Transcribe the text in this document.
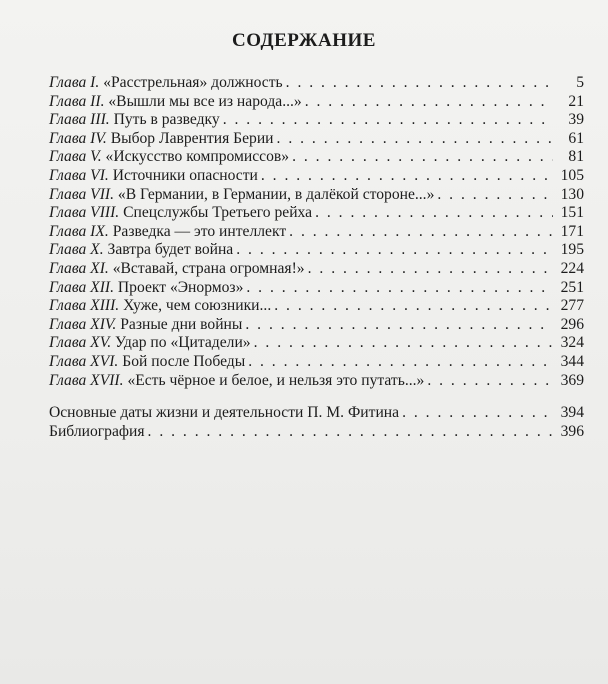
СОДЕРЖАНИЕ
Глава I. «Расстрельная» должность . . .	5
Глава II. «Вышли мы все из народа...» . . .	21
Глава III. Путь в разведку . . .	39
Глава IV. Выбор Лаврентия Берии . . .	61
Глава V. «Искусство компромиссов» . . .	81
Глава VI. Источники опасности . . .	105
Глава VII. «В Германии, в Германии, в далёкой стороне...» . . .	130
Глава VIII. Спецслужбы Третьего рейха . . .	151
Глава IX. Разведка — это интеллект . . .	171
Глава X. Завтра будет война . . .	195
Глава XI. «Вставай, страна огромная!» . . .	224
Глава XII. Проект «Энормоз» . . .	251
Глава XIII. Хуже, чем союзники... . . .	277
Глава XIV. Разные дни войны . . .	296
Глава XV. Удар по «Цитадели» . . .	324
Глава XVI. Бой после Победы . . .	344
Глава XVII. «Есть чёрное и белое, и нельзя это путать...» . . .	369
Основные даты жизни и деятельности П. М. Фитина . . .	394
Библиография . . .	396
